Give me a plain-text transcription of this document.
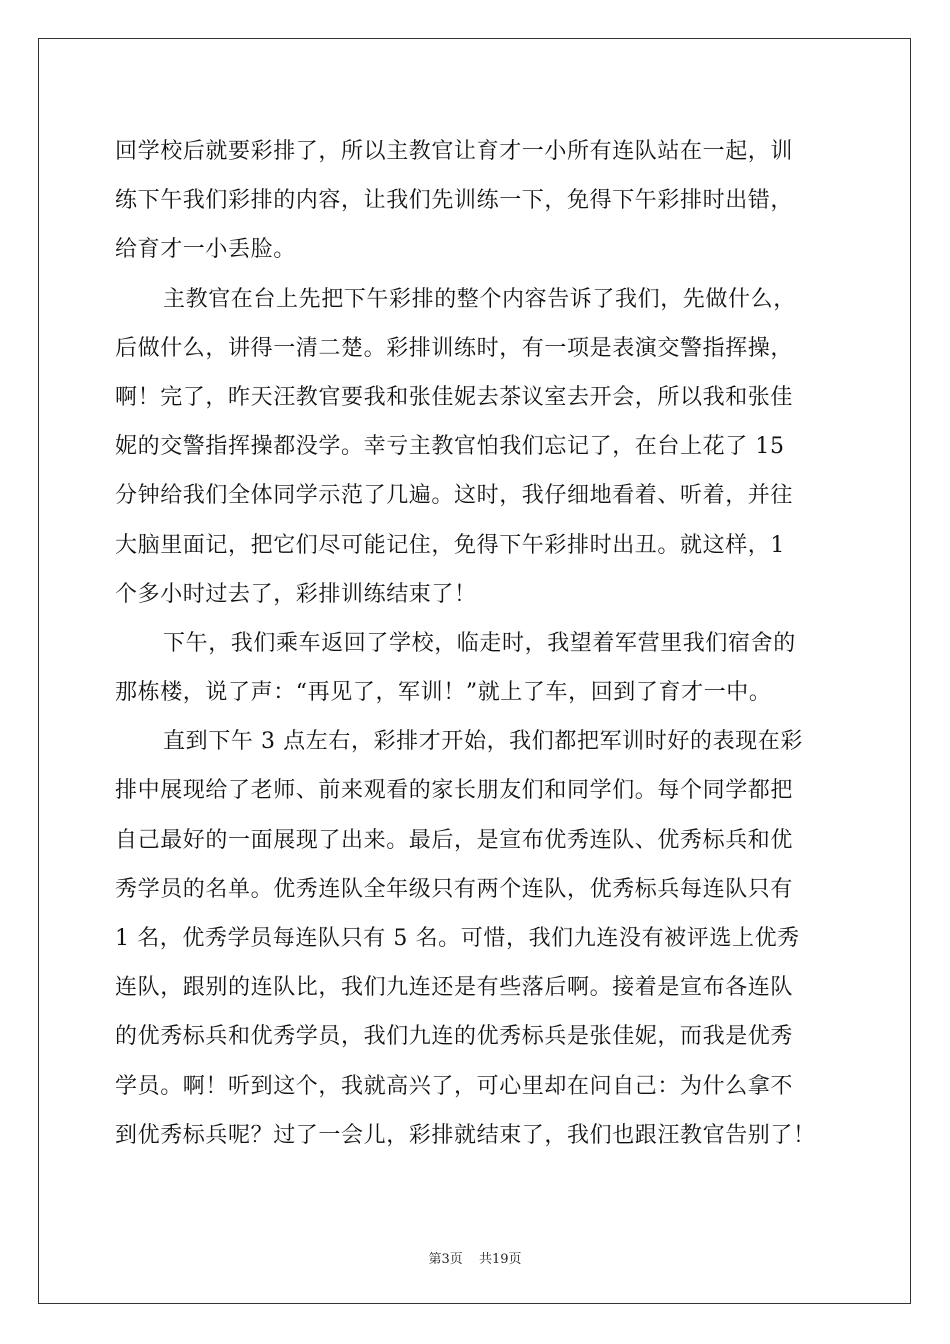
回学校后就要彩排了，所以主教官让育才一小所有连队站在一起，训
练下午我们彩排的内容，让我们先训练一下，免得下午彩排时出错，
给育才一小丢脸。
主教官在台上先把下午彩排的整个内容告诉了我们，先做什么，
后做什么，讲得一清二楚。彩排训练时，有一项是表演交警指挥操，
啊！完了，昨天汪教官要我和张佳妮去茶议室去开会，所以我和张佳
妮的交警指挥操都没学。幸亏主教官怕我们忘记了，在台上花了 15
分钟给我们全体同学示范了几遍。这时，我仔细地看着、听着，并往
大脑里面记，把它们尽可能记住，免得下午彩排时出丑。就这样，1
个多小时过去了，彩排训练结束了！
下午，我们乘车返回了学校，临走时，我望着军营里我们宿舍的
那栋楼，说了声：“再见了，军训！”就上了车，回到了育才一中。
直到下午 3 点左右，彩排才开始，我们都把军训时好的表现在彩
排中展现给了老师、前来观看的家长朋友们和同学们。每个同学都把
自己最好的一面展现了出来。最后，是宣布优秀连队、优秀标兵和优
秀学员的名单。优秀连队全年级只有两个连队，优秀标兵每连队只有
1 名，优秀学员每连队只有 5 名。可惜，我们九连没有被评选上优秀
连队，跟别的连队比，我们九连还是有些落后啊。接着是宣布各连队
的优秀标兵和优秀学员，我们九连的优秀标兵是张佳妮，而我是优秀
学员。啊！听到这个，我就高兴了，可心里却在问自己：为什么拿不
到优秀标兵呢？过了一会儿，彩排就结束了，我们也跟汪教官告别了！
第3页 共19页
